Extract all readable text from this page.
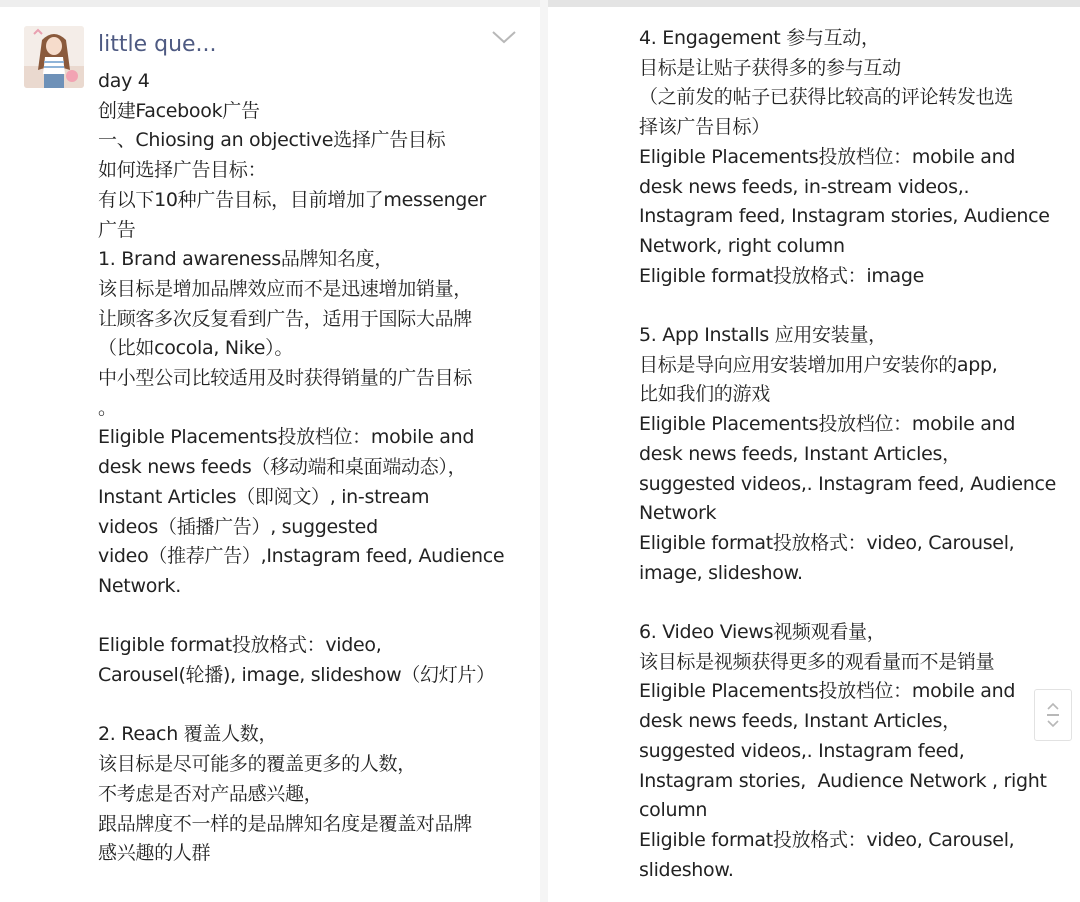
little que...
day 4
创建Facebook广告
一、Chiosing an objective选择广告目标
如何选择广告目标：
有以下10种广告目标，目前增加了messenger
广告
1. Brand awareness品牌知名度，
该目标是增加品牌效应而不是迅速增加销量，
让顾客多次反复看到广告，适用于国际大品牌
（比如cocola, Nike）。
中小型公司比较适用及时获得销量的广告目标
。
Eligible Placements投放档位：mobile and
desk news feeds（移动端和桌面端动态），
Instant Articles（即阅文）, in-stream
videos（插播广告）, suggested
video（推荐广告）,Instagram feed, Audience
Network.

Eligible format投放格式：video,
Carousel(轮播), image, slideshow（幻灯片）

2. Reach 覆盖人数，
该目标是尽可能多的覆盖更多的人数，
不考虑是否对产品感兴趣，
跟品牌度不一样的是品牌知名度是覆盖对品牌
感兴趣的人群
4. Engagement 参与互动，
目标是让贴子获得多的参与互动
（之前发的帖子已获得比较高的评论转发也选
择该广告目标）
Eligible Placements投放档位：mobile and
desk news feeds, in-stream videos,.
Instagram feed, Instagram stories, Audience
Network, right column
Eligible format投放格式：image

5. App Installs 应用安装量，
目标是导向应用安装增加用户安装你的app,
比如我们的游戏
Eligible Placements投放档位：mobile and
desk news feeds, Instant Articles，
suggested videos,. Instagram feed, Audience
Network
Eligible format投放格式：video, Carousel,
image, slideshow.

6. Video Views视频观看量，
该目标是视频获得更多的观看量而不是销量
Eligible Placements投放档位：mobile and
desk news feeds, Instant Articles，
suggested videos,. Instagram feed,
Instagram stories,  Audience Network , right
column
Eligible format投放格式：video, Carousel,
slideshow.
